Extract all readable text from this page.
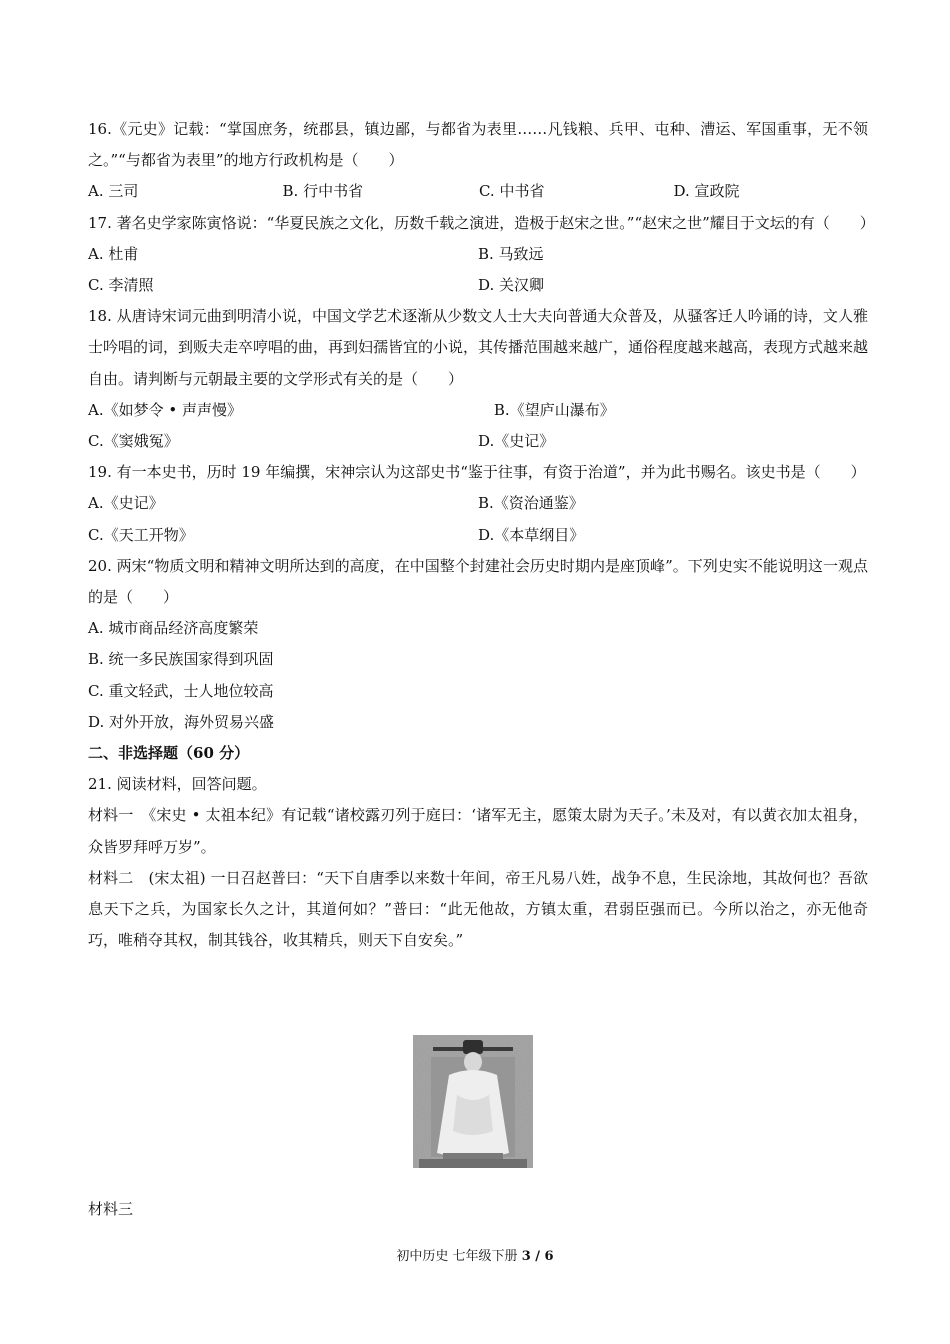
16.《元史》记载：“掌国庶务，统郡县，镇边鄙，与都省为表里……凡钱粮、兵甲、屯种、漕运、军国重事，无不领之。”“与都省为表里”的地方行政机构是（　　）

A. 三司	B. 行中书省	C. 中书省	D. 宣政院

17. 著名史学家陈寅恪说：“华夏民族之文化，历数千载之演进，造极于赵宋之世。”“赵宋之世”耀目于文坛的有（　　）

A. 杜甫	B. 马致远
C. 李清照	D. 关汉卿

18. 从唐诗宋词元曲到明清小说，中国文学艺术逐渐从少数文人士大夫向普通大众普及，从骚客迁人吟诵的诗，文人雅士吟唱的词，到贩夫走卒哼唱的曲，再到妇孺皆宜的小说，其传播范围越来越广，通俗程度越来越高，表现方式越来越自由。请判断与元朝最主要的文学形式有关的是（　　）

A.《如梦令 • 声声慢》	B.《望庐山瀑布》
C.《窦娥冤》	D.《史记》

19. 有一本史书，历时 19 年编撰，宋神宗认为这部史书“鉴于往事，有资于治道”，并为此书赐名。该史书是（　　）

A.《史记》	B.《资治通鉴》
C.《天工开物》	D.《本草纲目》

20. 两宋“物质文明和精神文明所达到的高度，在中国整个封建社会历史时期内是座顶峰”。下列史实不能说明这一观点的是（　　）

A. 城市商品经济高度繁荣

B. 统一多民族国家得到巩固

C. 重文轻武，士人地位较高

D. 对外开放，海外贸易兴盛

二、非选择题（60 分）

21. 阅读材料，回答问题。

材料一　《宋史 • 太祖本纪》有记载“诸校露刃列于庭曰：‘诸军无主，愿策太尉为天子。’未及对，有以黄衣加太祖身，众皆罗拜呼万岁”。

材料二　(宋太祖) 一日召赵普曰：“天下自唐季以来数十年间，帝王凡易八姓，战争不息，生民涂地，其故何也？吾欲息天下之兵，为国家长久之计，其道何如？”普曰：“此无他故，方镇太重，君弱臣强而已。今所以治之，亦无他奇巧，唯稍夺其权，制其钱谷，收其精兵，则天下自安矣。”

材料三
初中历史 七年级下册 3 / 6
